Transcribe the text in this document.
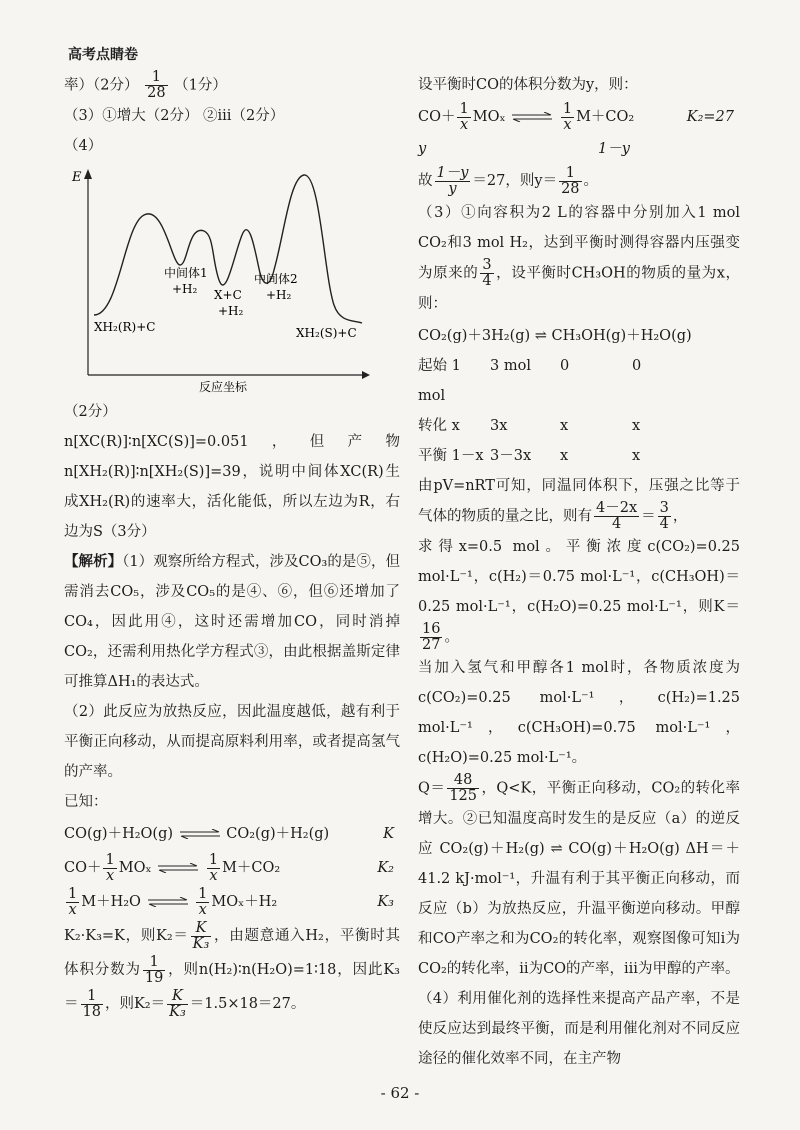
高考点睛卷

率）（2分） $\frac{1}{28} (1$分）

（3）①增大（2分） ②ⅲ（2分）

（4）

E
中间体1
+H₂ X+C
+H₂
中间体2
+H₂
XH₂(R)+C	XH₂(S)+C
反应坐标

（2分）

n[XC(R)]∶n[XC(S)]=0.051，但产物n[XH₂(R)]∶n[XH₂(S)]=39，说明中间体XC(R)生成XH₂(R)的速率大，活化能低，所以左边为R，右边为S（3分）

【解析】（1）观察所给方程式，涉及CO₃的是⑤，但需消去CO₅，涉及CO₅的是④、⑥，但⑥还增加了CO₄，因此用④，这时还需增加CO，同时消掉CO₂，还需利用热化学方程式③，由此根据盖斯定律可推算ΔH₁的表达式。

（2）此反应为放热反应，因此温度越低，越有利于平衡正向移动，从而提高原料利用率，或者提高氢气的产率。

已知：

CO(g)＋H₂O(g)	CO₂(g)＋H₂(g)	K
$CO+ \frac{1}{x}$ MOₓ	$\frac{1}{x} M+CO_2$	K₂
$\frac{1}{x} M+H_2O$	$\frac{1}{x} MO_x+H_2$	K₃

K₂·K₃=K，则$K_2= \frac{K}{\text{K₃}}$ ，由题意通入H₂，平衡时其体积分数为 $\frac{1}{19}$ ，则n(H₂)∶n(H₂O)=1∶18，因此$K_3= \frac{1}{18}$ ，则$K_2= \frac{K}{\text{K₃}} =1.5\times 18=27$。

设平衡时CO的体积分数为y，则：

$CO+ \frac{1}{x}$ MOₓ	$\frac{1}{x} M+CO_2$	K₂=27
y	1－y

故 $\frac{1-y}{y} =27$，则$y= \frac{1}{28}$ 。

（3）①向容积为2 L的容器中分别加入1 mol CO₂和3 mol H₂，达到平衡时测得容器内压强变为原来的 $\frac{3}{4}$ ，设平衡时CH₃OH的物质的量为x，则：

CO₂(g)＋3H₂(g) ⇌ CH₃OH(g)＋H₂O(g)

起始 1 mol
3 mol	0	0
转化 x	3x	x	x
平衡 1－x 3－3x	x	x

由pV=nRT可知，同温同体积下，压强之比等于气体的物质的量之比，则有 $\frac{4-2x}{4} = \frac{3}{4}$ ，

求得x=0.5 mol。平衡浓度c(CO₂)=0.25 mol·L⁻¹，c(H₂)＝0.75 mol·L⁻¹，c(CH₃OH)＝0.25 mol·L⁻¹，c(H₂O)=0.25 mol·L⁻¹，则K＝
$\frac{16}{27}$ 。

当加入氢气和甲醇各1 mol时，各物质浓度为c(CO₂)=0.25 mol·L⁻¹，c(H₂)=1.25 mol·L⁻¹，c(CH₃OH)=0.75 mol·L⁻¹，c(H₂O)=0.25 mol·L⁻¹。

$Q= \frac{48}{125}$ ，Q<K，平衡正向移动，CO₂的转化率增大。②已知温度高时发生的是反应（a）的逆反应 CO₂(g)＋H₂(g) ⇌ CO(g)＋H₂O(g) ΔH＝＋41.2 kJ·mol⁻¹，升温有利于其平衡正向移动，而反应（b）为放热反应，升温平衡逆向移动。甲醇和CO产率之和为CO₂的转化率，观察图像可知ⅰ为CO₂的转化率，ⅱ为CO的产率，ⅲ为甲醇的产率。

（4）利用催化剂的选择性来提高产品产率，不是使反应达到最终平衡，而是利用催化剂对不同反应途径的催化效率不同，在主产物

- 62 -
